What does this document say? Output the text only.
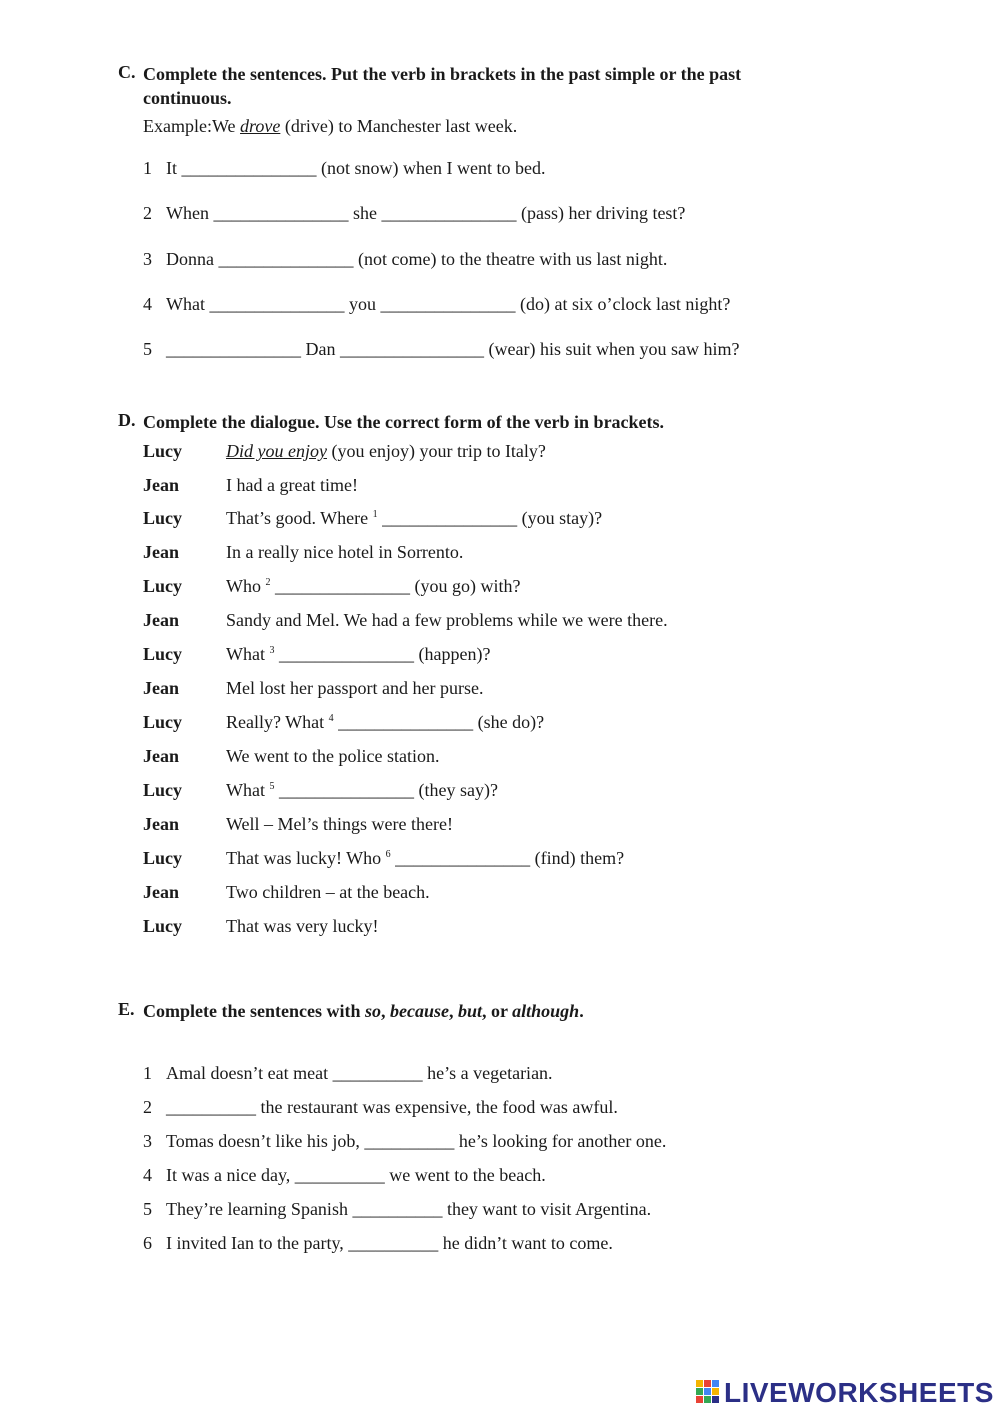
C. Complete the sentences. Put the verb in brackets in the past simple or the past
continuous.
Example:We drove (drive) to Manchester last week.
1 It _______________ (not snow) when I went to bed.
2 When _______________ she _______________ (pass) her driving test?
3 Donna _______________ (not come) to the theatre with us last night.
4 What _______________ you _______________ (do) at six o’clock last night?
5 _______________ Dan ________________ (wear) his suit when you saw him?
D. Complete the dialogue. Use the correct form of the verb in brackets.
Lucy Did you enjoy (you enjoy) your trip to Italy?
Jean	I had a great time!
Lucy That’s good. Where $^1$ _______________ (you stay)?
Jean	In a really nice hotel in Sorrento.
Lucy Who $^2$ _______________ (you go) with?
Jean	Sandy and Mel. We had a few problems while we were there.
Lucy What $^3$ _______________ (happen)?
Jean	Mel lost her passport and her purse.
Lucy Really? What $^4$ _______________ (she do)?
Jean	We went to the police station.
Lucy What $^5$ _______________ (they say)?
Jean	Well – Mel’s things were there!
Lucy That was lucky! Who $^6$ _______________ (find) them?
Jean	Two children – at the beach.
Lucy That was very lucky!
E. Complete the sentences with so, because, but, or although.
1 Amal doesn’t eat meat __________ he’s a vegetarian.
2 __________ the restaurant was expensive, the food was awful.
3 Tomas doesn’t like his job, __________ he’s looking for another one.
4 It was a nice day, __________ we went to the beach.
5 They’re learning Spanish __________ they want to visit Argentina.
6 I invited Ian to the party, __________ he didn’t want to come.
LIVEWORKSHEETS
